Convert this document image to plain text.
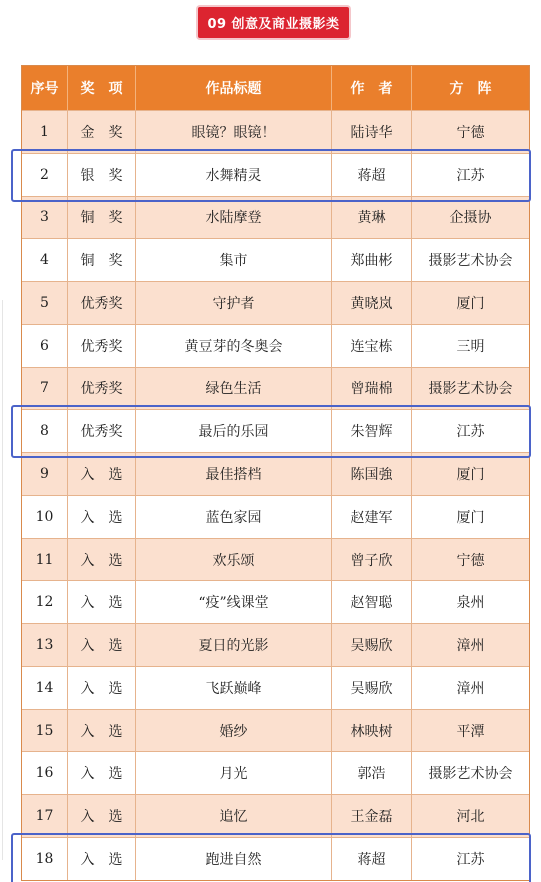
09 创意及商业摄影类
序号	奖　项	作品标题	作　者	方　阵
1	金　奖	眼镜？眼镜！	陆诗华	宁德
2	银　奖	水舞精灵	蒋超	江苏
3	铜　奖	水陆摩登	黄琳	企摄协
4	铜　奖	集市	郑曲彬	摄影艺术协会
5	优秀奖	守护者	黄晓岚	厦门
6	优秀奖	黄豆芽的冬奥会	连宝栋	三明
7	优秀奖	绿色生活	曾瑞棉	摄影艺术协会
8	优秀奖	最后的乐园	朱智辉	江苏
9	入　选	最佳搭档	陈国強	厦门
10	入　选	蓝色家园	赵建军	厦门
11	入　选	欢乐颂	曾子欣	宁德
12	入　选	“疫”线课堂	赵智聪	泉州
13	入　选	夏日的光影	吴赐欣	漳州
14	入　选	飞跃巅峰	吴赐欣	漳州
15	入　选	婚纱	林映树	平潭
16	入　选	月光	郭浩	摄影艺术协会
17	入　选	追忆	王金磊	河北
18	入　选	跑进自然	蒋超	江苏
